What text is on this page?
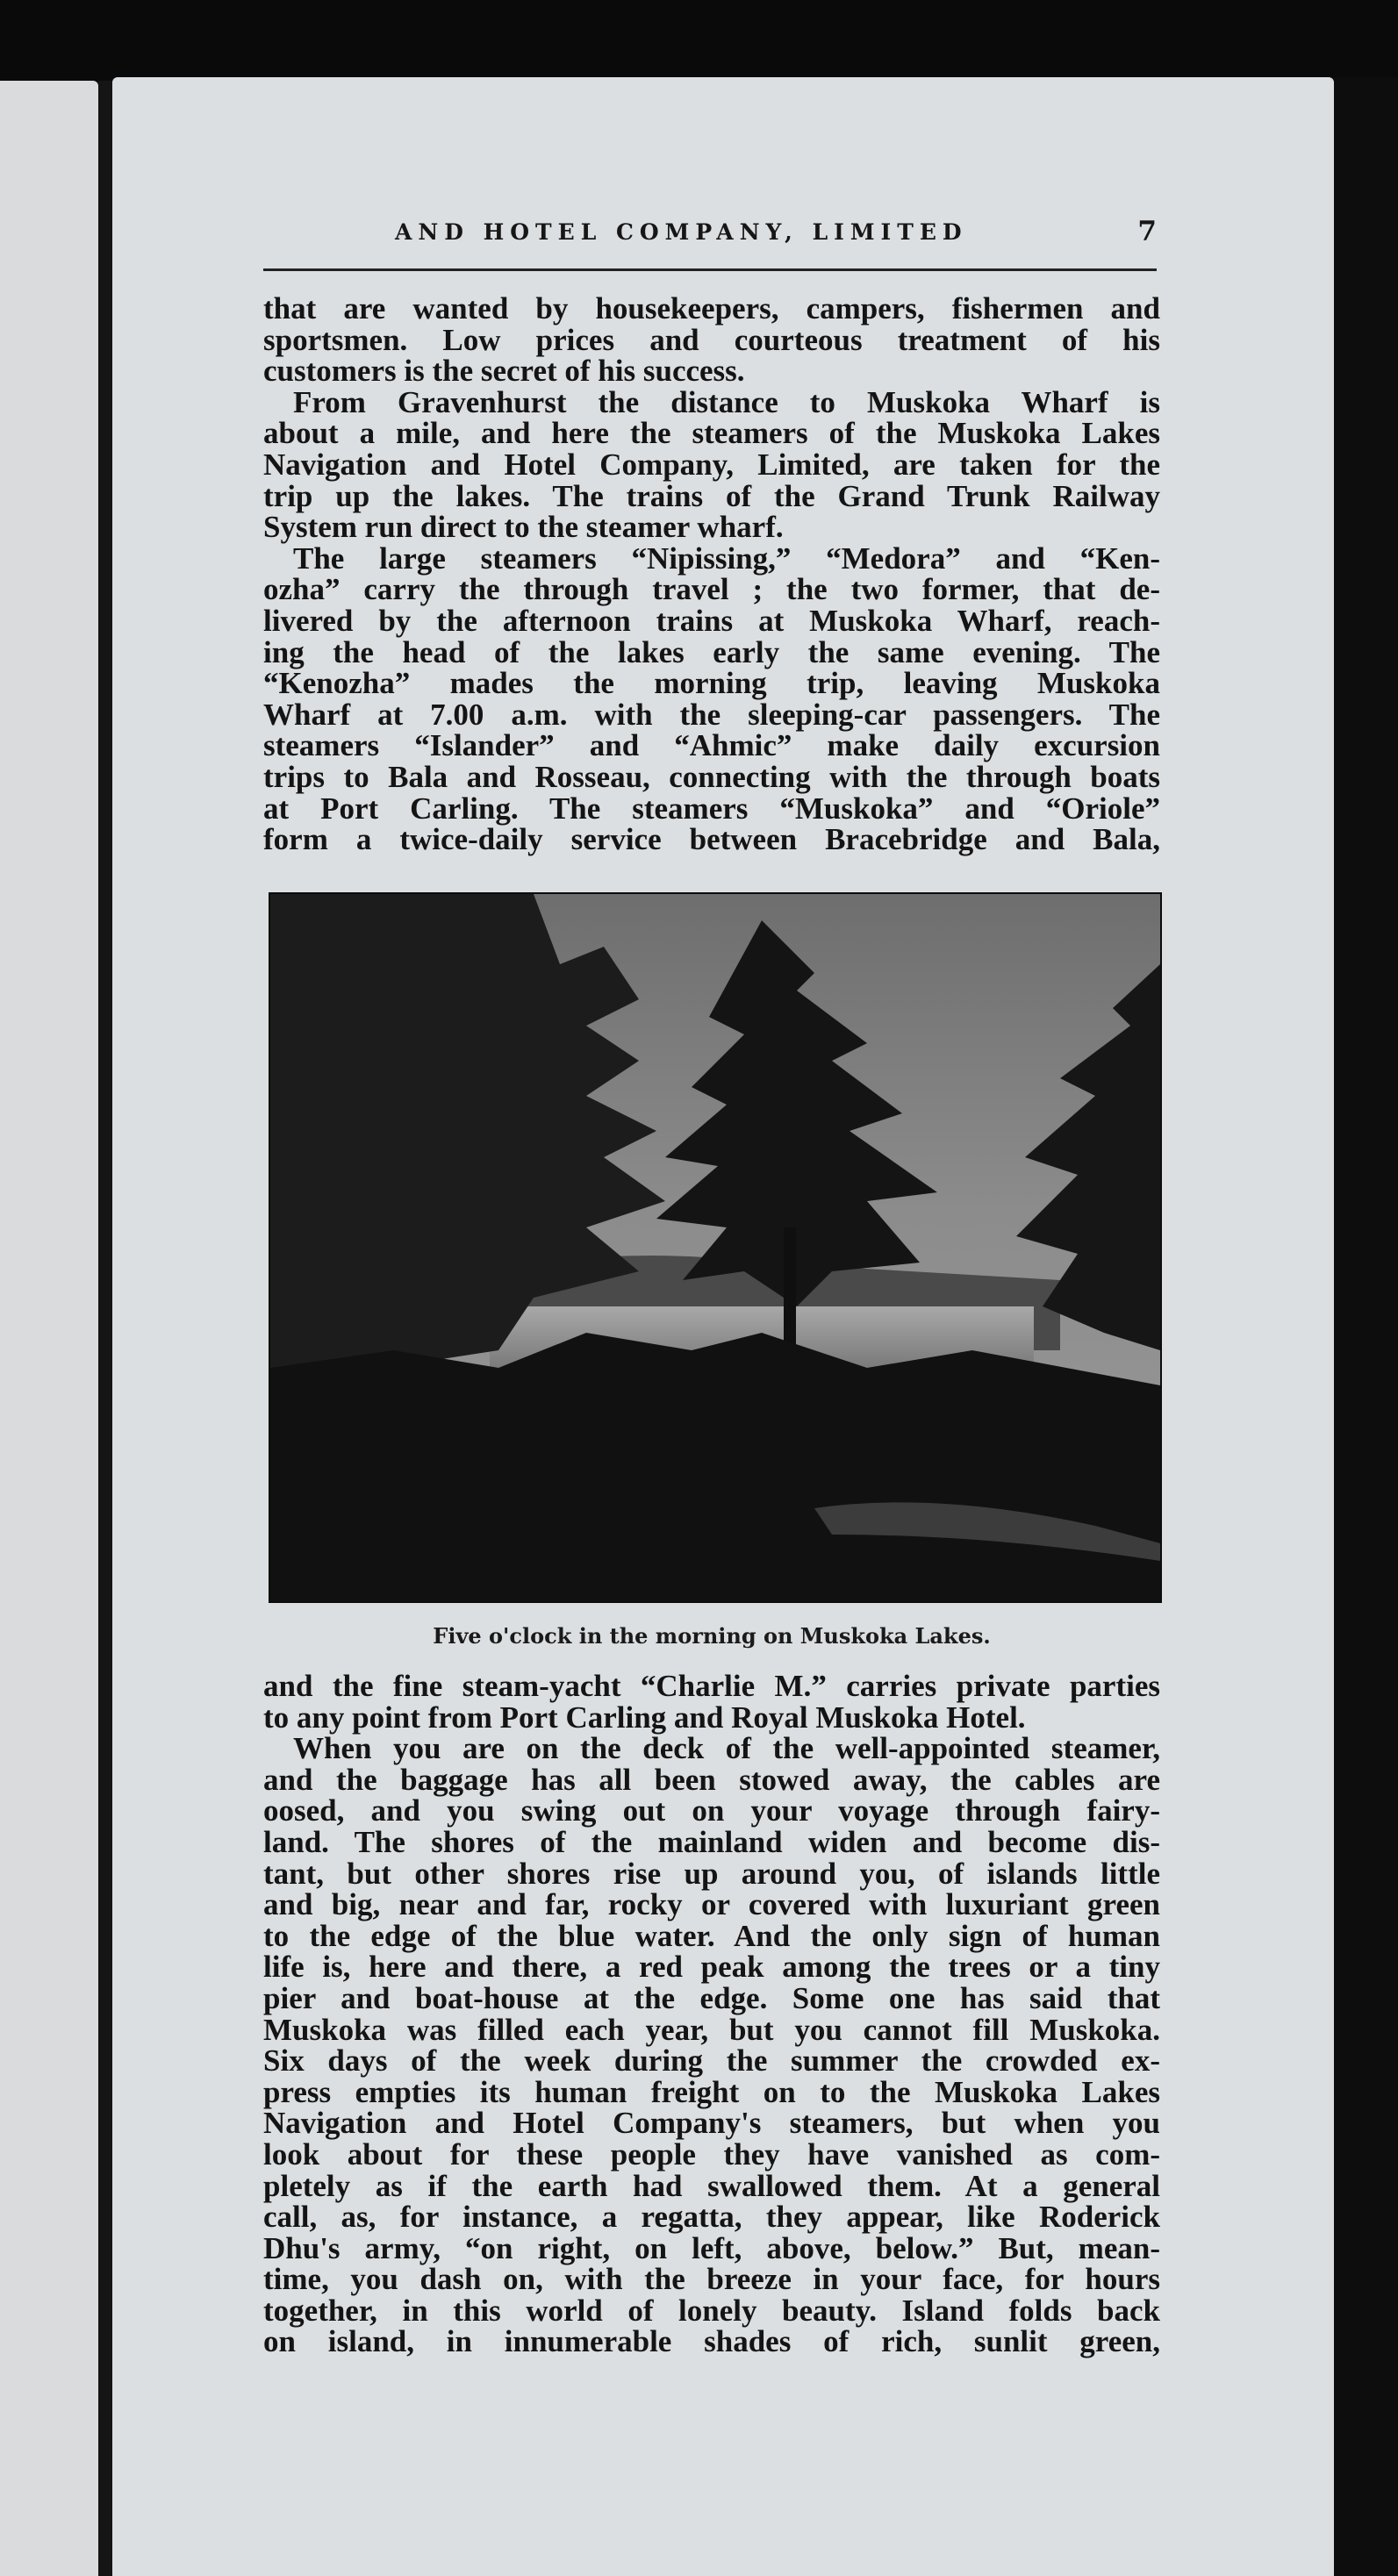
AND HOTEL COMPANY, LIMITED	7
that are wanted by housekeepers, campers, fishermen and
sportsmen. Low prices and courteous treatment of his
customers is the secret of his success.
From Gravenhurst the distance to Muskoka Wharf is
about a mile, and here the steamers of the Muskoka Lakes
Navigation and Hotel Company, Limited, are taken for the
trip up the lakes. The trains of the Grand Trunk Railway
System run direct to the steamer wharf.
The large steamers “Nipissing,” “Medora” and “Ken-
ozha” carry the through travel ; the two former, that de-
livered by the afternoon trains at Muskoka Wharf, reach-
ing the head of the lakes early the same evening. The
“Kenozha” mades the morning trip, leaving Muskoka
Wharf at 7.00 a.m. with the sleeping-car passengers. The
steamers “Islander” and “Ahmic” make daily excursion
trips to Bala and Rosseau, connecting with the through boats
at Port Carling. The steamers “Muskoka” and “Oriole”
form a twice-daily service between Bracebridge and Bala,
Five o'clock in the morning on Muskoka Lakes.
and the fine steam-yacht “Charlie M.” carries private parties
to any point from Port Carling and Royal Muskoka Hotel.
When you are on the deck of the well-appointed steamer,
and the baggage has all been stowed away, the cables are
oosed, and you swing out on your voyage through fairy-
land. The shores of the mainland widen and become dis-
tant, but other shores rise up around you, of islands little
and big, near and far, rocky or covered with luxuriant green
to the edge of the blue water. And the only sign of human
life is, here and there, a red peak among the trees or a tiny
pier and boat-house at the edge. Some one has said that
Muskoka was filled each year, but you cannot fill Muskoka.
Six days of the week during the summer the crowded ex-
press empties its human freight on to the Muskoka Lakes
Navigation and Hotel Company's steamers, but when you
look about for these people they have vanished as com-
pletely as if the earth had swallowed them. At a general
call, as, for instance, a regatta, they appear, like Roderick
Dhu's army, “on right, on left, above, below.” But, mean-
time, you dash on, with the breeze in your face, for hours
together, in this world of lonely beauty. Island folds back
on island, in innumerable shades of rich, sunlit green,
